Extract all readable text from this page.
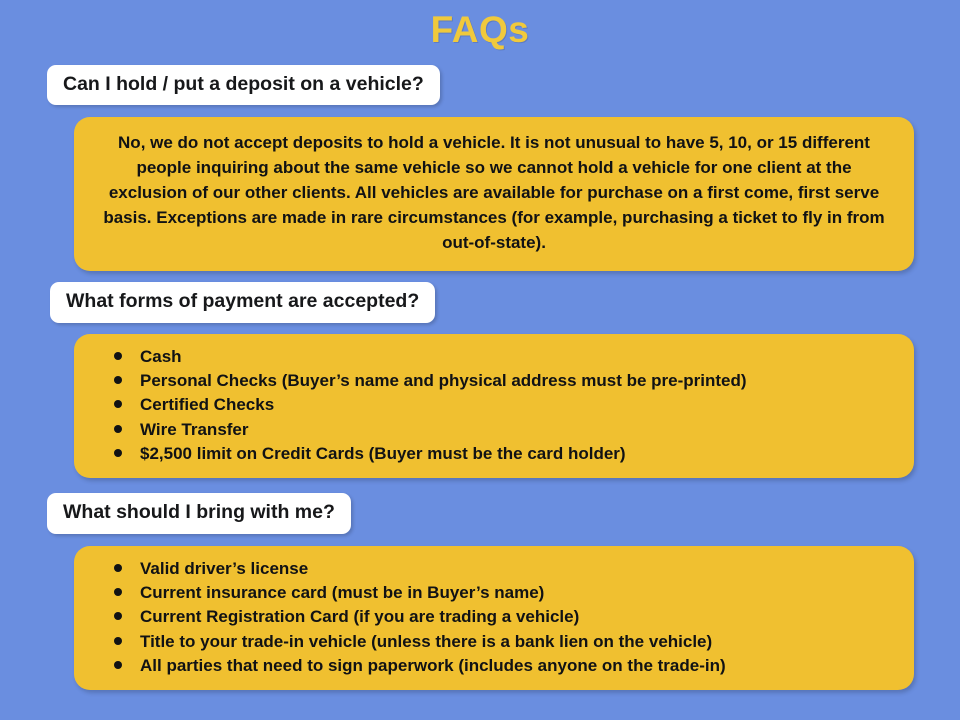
FAQs
Can I hold / put a deposit on a vehicle?
No, we do not accept deposits to hold a vehicle. It is not unusual to have 5, 10, or 15 different people inquiring about the same vehicle so we cannot hold a vehicle for one client at the exclusion of our other clients. All vehicles are available for purchase on a first come, first serve basis. Exceptions are made in rare circumstances (for example, purchasing a ticket to fly in from out-of-state).
What forms of payment are accepted?
Cash
Personal Checks (Buyer’s name and physical address must be pre-printed)
Certified Checks
Wire Transfer
$2,500 limit on Credit Cards (Buyer must be the card holder)
What should I bring with me?
Valid driver’s license
Current insurance card (must be in Buyer’s name)
Current Registration Card (if you are trading a vehicle)
Title to your trade-in vehicle (unless there is a bank lien on the vehicle)
All parties that need to sign paperwork (includes anyone on the trade-in)
